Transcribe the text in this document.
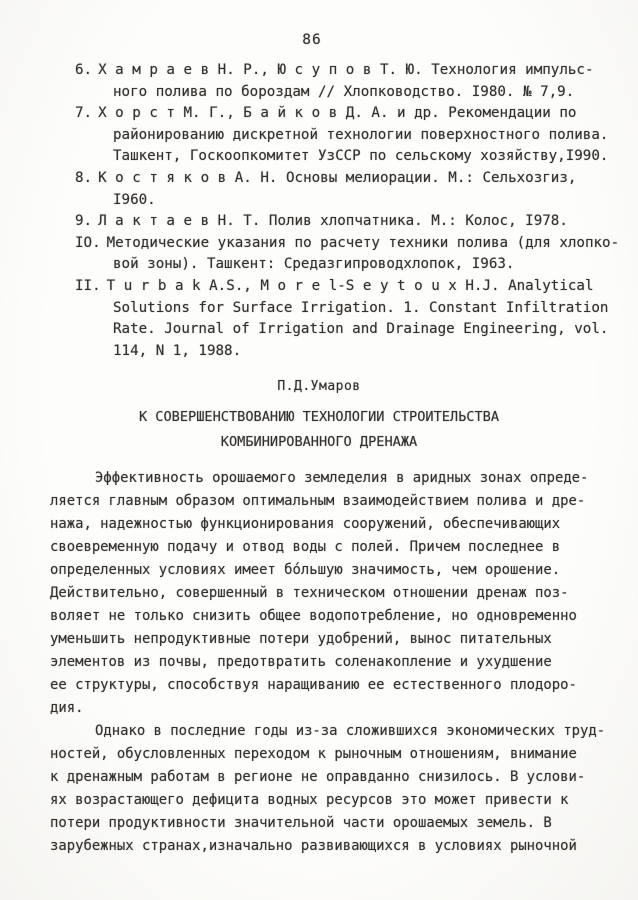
86
6. Х а м р а е в Н. Р., Ю с у п о в Т. Ю. Технология импульс-
ного полива по бороздам // Хлопководство. I980. № 7,9.
7. Х о р с т М. Г., Б а й к о в Д. А. и др. Рекомендации по
районированию дискретной технологии поверхностного полива.
Ташкент, Госкоопкомитет УзССР по сельскому хозяйству,I990.
8. К о с т я к о в А. Н. Основы мелиорации. М.: Сельхозгиз,
I960.
9. Л а к т а е в Н. Т. Полив хлопчатника. М.: Колос, I978.
IO. Методические указания по расчету техники полива (для хлопко-
вой зоны). Ташкент: Средазгипроводхлопок, I963.
II. T u r b a k A.S., M o r e l-S e y t o u x H.J. Analytical
Solutions for Surface Irrigation. 1. Constant Infiltration
Rate. Journal of Irrigation and Drainage Engineering, vol.
114, N 1, 1988.
П.Д.Умаров
К СОВЕРШЕНСТВОВАНИЮ ТЕХНОЛОГИИ СТРОИТЕЛЬСТВА
КОМБИНИРОВАННОГО ДРЕНАЖА
Эффективность орошаемого земледелия в аридных зонах опреде-
ляется главным образом оптимальным взаимодействием полива и дре-
нажа, надежностью функционирования сооружений, обеспечивающих
своевременную подачу и отвод воды с полей. Причем последнее в
определенных условиях имеет бо́льшую значимость, чем орошение.
Действительно, совершенный в техническом отношении дренаж поз-
воляет не только снизить общее водопотребление, но одновременно
уменьшить непродуктивные потери удобрений, вынос питательных
элементов из почвы, предотвратить соленакопление и ухудшение
ее структуры, способствуя наращиванию ее естественного плодоро-
дия.
Однако в последние годы из-за сложившихся экономических труд-
ностей, обусловленных переходом к рыночным отношениям, внимание
к дренажным работам в регионе не оправданно снизилось. В услови-
ях возрастающего дефицита водных ресурсов это может привести к
потери продуктивности значительной части орошаемых земель. В
зарубежных странах,изначально развивающихся в условиях рыночной
